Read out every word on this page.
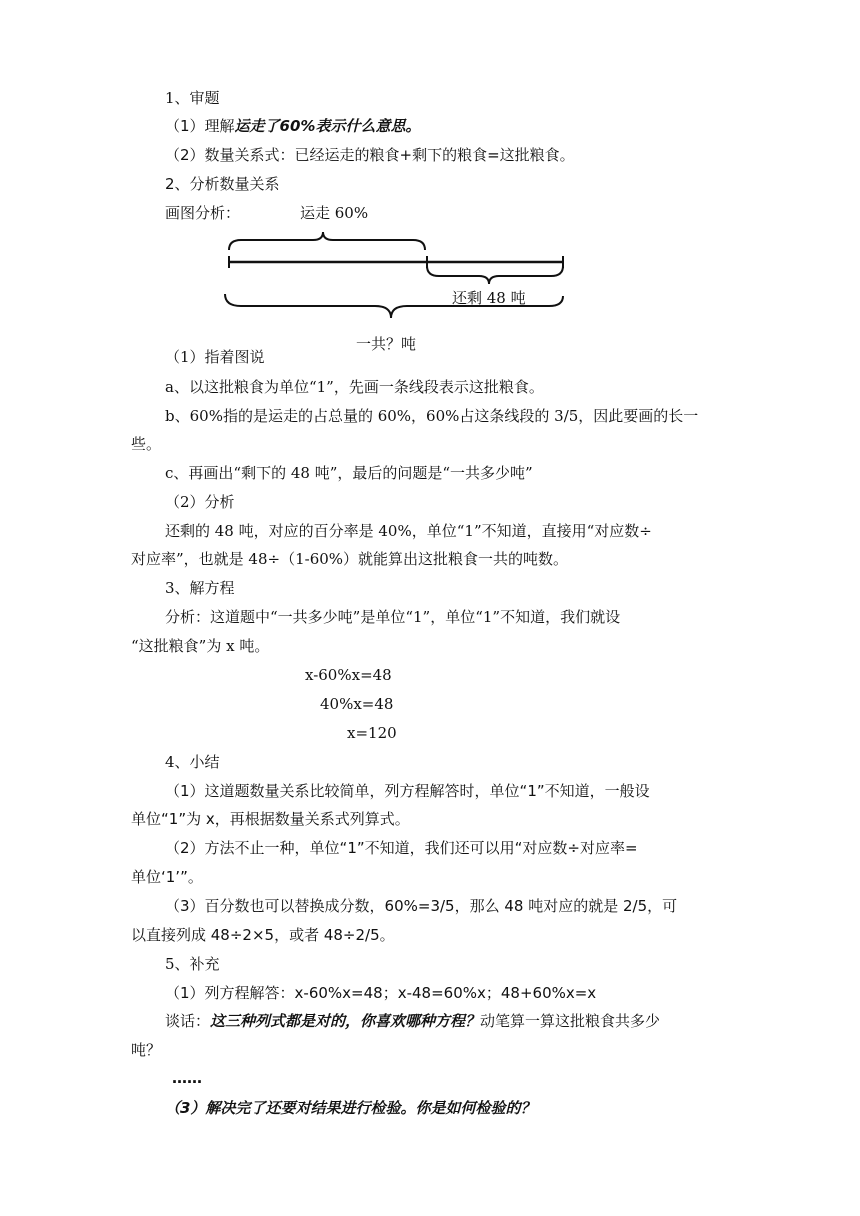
1、审题
（1）理解运走了60%表示什么意思。
（2）数量关系式：已经运走的粮食+剩下的粮食=这批粮食。
2、分析数量关系
画图分析：	运走 60%
还剩 48 吨
一共？吨
（1）指着图说
a、以这批粮食为单位“1”，先画一条线段表示这批粮食。
b、60%指的是运走的占总量的 60%，60%占这条线段的 3/5，因此要画的长一
些。
c、再画出“剩下的 48 吨”，最后的问题是“一共多少吨”
（2）分析
还剩的 48 吨，对应的百分率是 40%，单位“1”不知道，直接用“对应数÷
对应率”，也就是 48÷（1-60%）就能算出这批粮食一共的吨数。
3、解方程
分析：这道题中“一共多少吨”是单位“1”，单位“1”不知道，我们就设
“这批粮食”为 x 吨。
x-60%x=48
40%x=48
x=120
4、小结
（1）这道题数量关系比较简单，列方程解答时，单位“1”不知道，一般设
单位“1”为 x，再根据数量关系式列算式。
（2）方法不止一种，单位“1”不知道，我们还可以用“对应数÷对应率=
单位‘1’”。
（3）百分数也可以替换成分数，60%=3/5，那么 48 吨对应的就是 2/5，可
以直接列成 48÷2×5，或者 48÷2/5。
5、补充
（1）列方程解答：x-60%x=48；x-48=60%x；48+60%x=x
谈话：这三种列式都是对的，你喜欢哪种方程？动笔算一算这批粮食共多少
吨？
……
（3）解决完了还要对结果进行检验。你是如何检验的？
